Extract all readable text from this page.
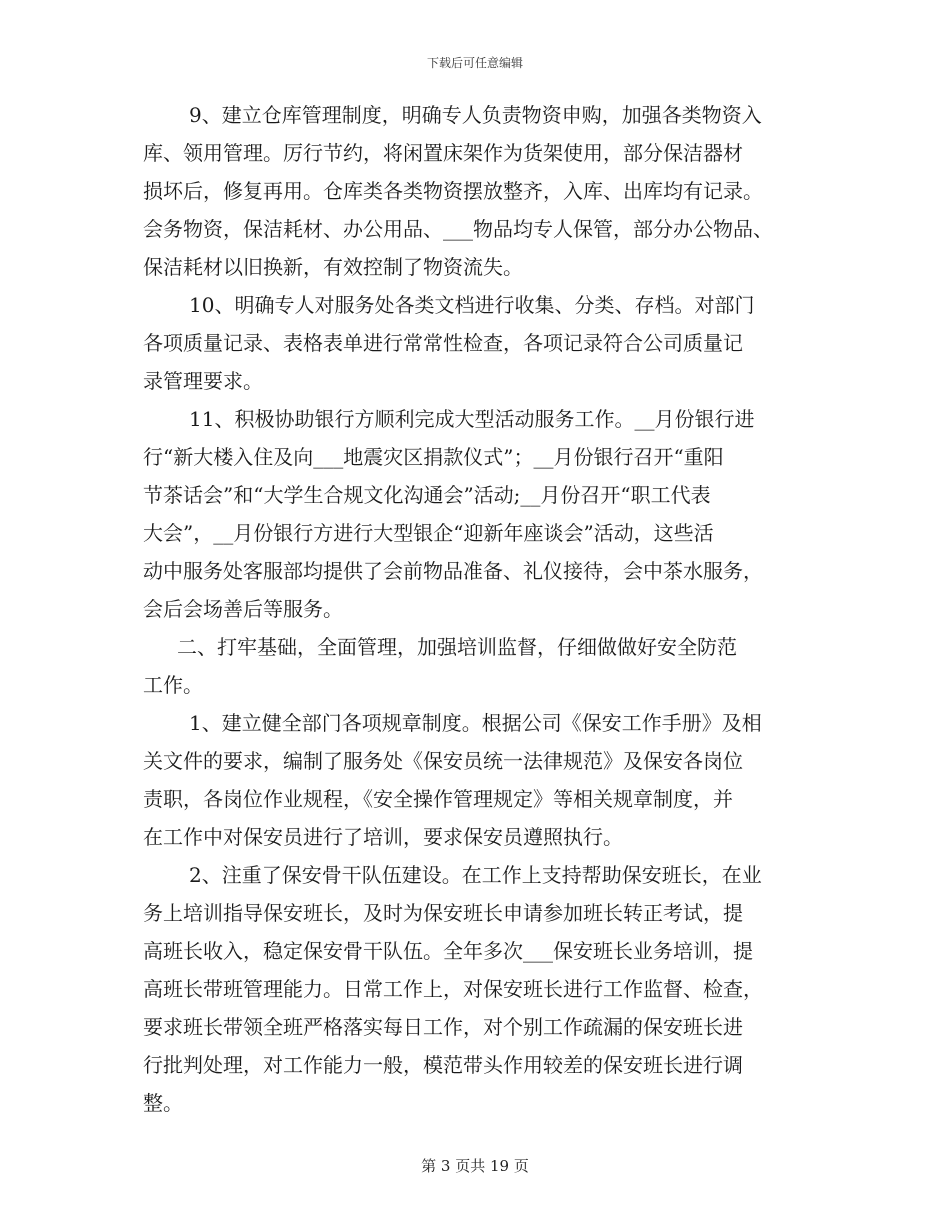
下载后可任意编辑
9、建立仓库管理制度，明确专人负责物资申购，加强各类物资入
库、领用管理。厉行节约，将闲置床架作为货架使用，部分保洁器材
损坏后，修复再用。仓库类各类物资摆放整齐，入库、出库均有记录。
会务物资，保洁耗材、办公用品、___物品均专人保管，部分办公物品、
保洁耗材以旧换新，有效控制了物资流失。
10、明确专人对服务处各类文档进行收集、分类、存档。对部门
各项质量记录、表格表单进行常常性检查，各项记录符合公司质量记
录管理要求。
11、积极协助银行方顺利完成大型活动服务工作。__月份银行进
行“新大楼入住及向___地震灾区捐款仪式”；__月份银行召开“重阳
节茶话会”和“大学生合规文化沟通会”活动;__月份召开“职工代表
大会”，__月份银行方进行大型银企“迎新年座谈会”活动，这些活
动中服务处客服部均提供了会前物品准备、礼仪接待，会中茶水服务，
会后会场善后等服务。
二、打牢基础，全面管理，加强培训监督，仔细做做好安全防范
工作。
1、建立健全部门各项规章制度。根据公司《保安工作手册》及相
关文件的要求，编制了服务处《保安员统一法律规范》及保安各岗位
责职，各岗位作业规程，《安全操作管理规定》等相关规章制度，并
在工作中对保安员进行了培训，要求保安员遵照执行。
2、注重了保安骨干队伍建设。在工作上支持帮助保安班长，在业
务上培训指导保安班长，及时为保安班长申请参加班长转正考试，提
高班长收入，稳定保安骨干队伍。全年多次___保安班长业务培训，提
高班长带班管理能力。日常工作上，对保安班长进行工作监督、检查，
要求班长带领全班严格落实每日工作，对个别工作疏漏的保安班长进
行批判处理，对工作能力一般，模范带头作用较差的保安班长进行调
整。
第 3 页共 19 页
